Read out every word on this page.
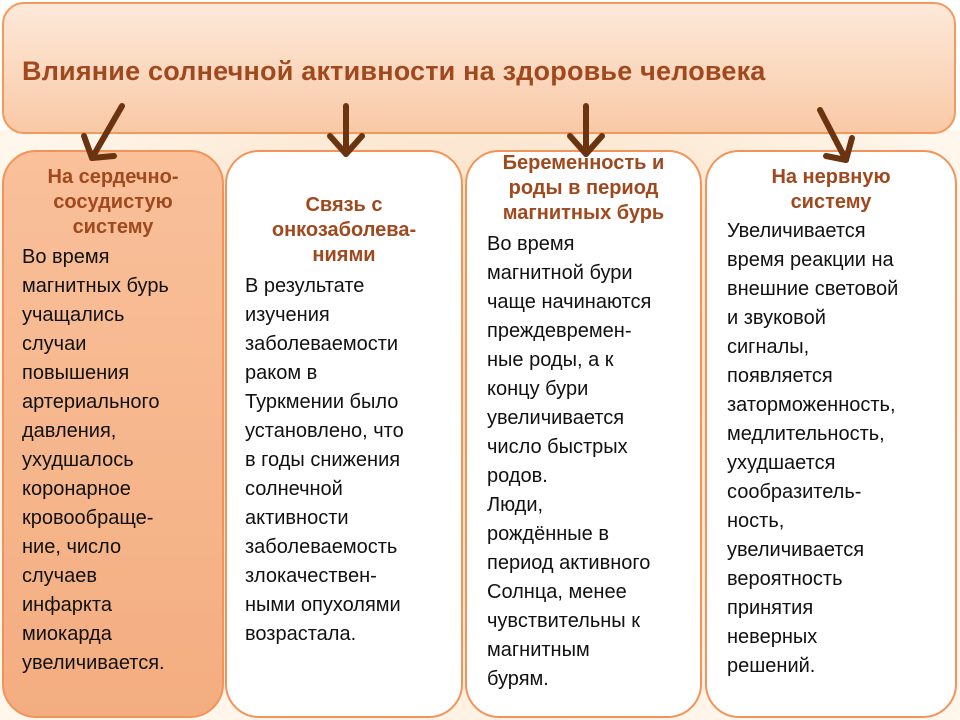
Влияние солнечной активности на здоровье человека
На сердечно-
сосудистую
систему
Во время
магнитных бурь
учащались
случаи
повышения
артериального
давления,
ухудшалось
коронарное
кровообраще-
ние, число
случаев
инфаркта
миокарда
увеличивается.
Связь с
онкозаболева-
ниями
В результате
изучения
заболеваемости
раком в
Туркмении было
установлено, что
в годы снижения
солнечной
активности
заболеваемость
злокачествен-
ными опухолями
возрастала.
Беременность и
роды в период
магнитных бурь
Во время
магнитной бури
чаще начинаются
преждевремен-
ные роды, а к
концу бури
увеличивается
число быстрых
родов.
Люди,
рождённые в
период активного
Солнца, менее
чувствительны к
магнитным
бурям.
На нервную
систему
Увеличивается
время реакции на
внешние световой
и звуковой
сигналы,
появляется
заторможенность,
медлительность,
ухудшается
сообразитель-
ность,
увеличивается
вероятность
принятия
неверных
решений.
